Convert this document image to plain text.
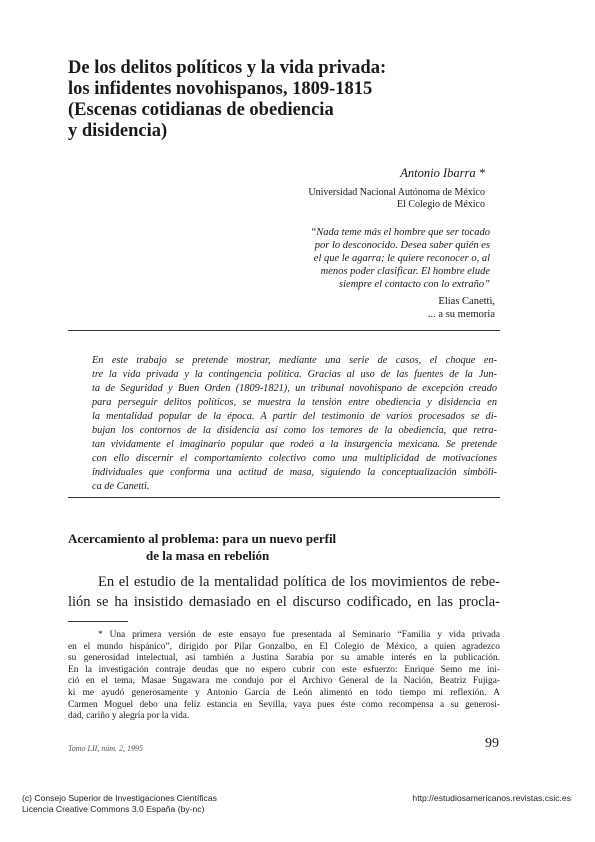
De los delitos políticos y la vida privada:
los infidentes novohispanos, 1809-1815
(Escenas cotidianas de obediencia
y disidencia)
Antonio Ibarra *
Universidad Nacional Autónoma de México
El Colegio de México
“Nada teme más el hombre que ser tocado
por lo desconocido. Desea saber quién es
el que le agarra; le quiere reconocer o, al
menos poder clasificar. El hombre elude
siempre el contacto con lo extraño”
Elías Canetti,
... a su memoria
En este trabajo se pretende mostrar, mediante una serie de casos, el choque en-
tre la vida privada y la contingencia política. Gracias al uso de las fuentes de la Jun-
ta de Seguridad y Buen Orden (1809-1821), un tribunal novohispano de excepción creado
para perseguir delitos políticos, se muestra la tensión entre obediencia y disidencia en
la mentalidad popular de la época. A partir del testimonio de varios procesados se di-
bujan los contornos de la disidencia así como los temores de la obediencia, que retra-
tan vividamente el imaginario popular que rodeó a la insurgencia mexicana. Se pretende
con ello discernir el comportamiento colectivo como una multiplicidad de motivaciones
individuales que conforma una actitud de masa, siguiendo la conceptualización simbóli-
ca de Canetti.
Acercamiento al problema: para un nuevo perfil
de la masa en rebelión
En el estudio de la mentalidad política de los movimientos de rebe-
lión se ha insistido demasiado en el discurso codificado, en las procla-
* Una primera versión de este ensayo fue presentada al Seminario “Familia y vida privada
en el mundo hispánico”, dirigido por Pilar Gonzalbo, en El Colegio de México, a quien agradezco
su generosidad intelectual, así también a Justina Sarabia por su amable interés en la publicación.
En la investigación contraje deudas que no espero cubrir con este esfuerzo: Enrique Semo me ini-
ció en el tema, Masae Sugawara me condujo por el Archivo General de la Nación, Beatriz Fujiga-
ki me ayudó generosamente y Antonio García de León alimentó en todo tiempo mi reflexión. A
Carmen Moguel debo una feliz estancia en Sevilla, vaya pues éste como recompensa a su generosi-
dad, cariño y alegría por la vida.
Tomo LII, núm. 2, 1995	99
(c) Consejo Superior de Investigaciones Científicas
Licencia Creative Commons 3.0 España (by-nc)
http://estudiosamericanos.revistas.csic.es
